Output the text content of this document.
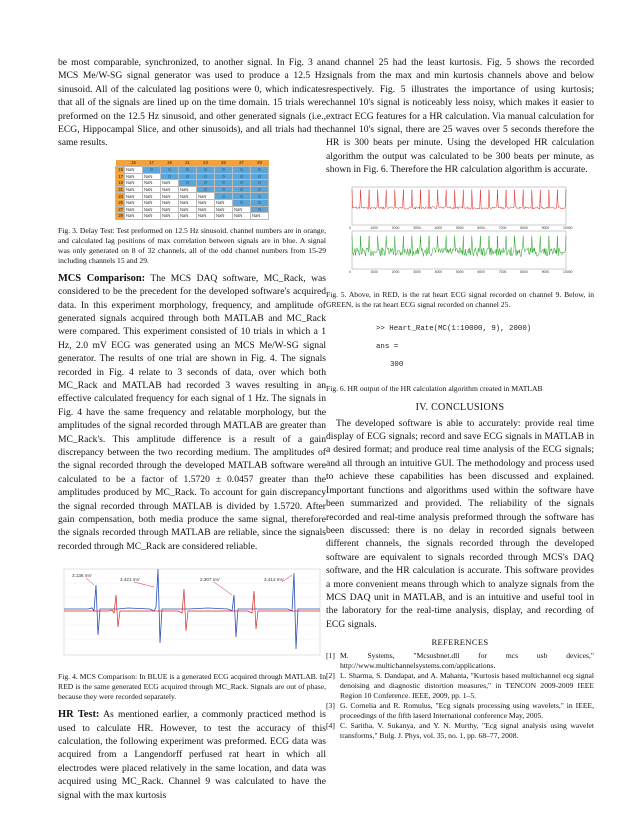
be most comparable, synchronized, to another signal. In Fig. 3 an MCS Me/W-SG signal generator was used to produce a 12.5 Hz sinusoid. All of the calculated lag positions were 0, which indicates that all of the signals are lined up on the time domain. 15 trials were preformed on the 12.5 Hz sinusoid, and other generated signals (i.e., ECG, Hippocampal Slice, and other sinusoids), and all trials had the same results.

	15	17	19	21	23	25	27	29
15	NaN	0	0	0	0	0	0	0
17	NaN	NaN	0	0	0	0	0	0
19	NaN	NaN	NaN	0	0	0	0	0
21	NaN	NaN	NaN	NaN	0	0	0	0
23	NaN	NaN	NaN	NaN	NaN	0	0	0
25	NaN	NaN	NaN	NaN	NaN	NaN	0	0
27	NaN	NaN	NaN	NaN	NaN	NaN	NaN	0
29	NaN	NaN	NaN	NaN	NaN	NaN	NaN	NaN

Fig. 3. Delay Test: Test preformed on 12.5 Hz sinusoid. channel numbers are in orange, and calculated lag positions of max correlation between signals are in blue. A signal was only generated on 8 of 32 channels, all of the odd channel numbers from 15-29 including channels 15 and 29.

MCS Comparison: The MCS DAQ software, MC_Rack, was considered to be the precedent for the developed software's acquired data. In this experiment morphology, frequency, and amplitude of generated signals acquired through both MATLAB and MC_Rack were compared. This experiment consisted of 10 trials in which a 1 Hz, 2.0 mV ECG was generated using an MCS Me/W-SG signal generator. The results of one trial are shown in Fig. 4. The signals recorded in Fig. 4 relate to 3 seconds of data, over which both MC_Rack and MATLAB had recorded 3 waves resulting in an effective calculated frequency for each signal of 1 Hz. The signals in Fig. 4 have the same frequency and relatable morphology, but the amplitudes of the signal recorded through MATLAB are greater than MC_Rack's. This amplitude difference is a result of a gain discrepancy between the two recording medium. The amplitudes of the signal recorded through the developed MATLAB software were calculated to be a factor of 1.5720 ± 0.0457 greater than the amplitudes produced by MC_Rack. To account for gain discrepancy the signal recorded through MATLAB is divided by 1.5720. After gain compensation, both media produce the same signal, therefore the signals recorded through MATLAB are reliable, since the signals recorded through MC_Rack are considered reliable.

3.136 mV
3.421 mV	2.307 mV	3.412 mV

Fig. 4. MCS Comparison: In BLUE is a generated ECG acquired through MATLAB. In RED is the same generated ECG acquired through MC_Rack. Signals are out of phase, because they were recorded separately.

HR Test: As mentioned earlier, a commonly practiced method is used to calculate HR. However, to test the accuracy of this calculation, the following experiment was preformed. ECG data was acquired from a Langendorff perfused rat heart in which all electrodes were placed relatively in the same location, and data was acquired using MC_Rack. Channel 9 was calculated to have the signal with the max kurtosis

and channel 25 had the least kurtosis. Fig. 5 shows the recorded signals from the max and min kurtosis channels above and below respectively. Fig. 5 illustrates the importance of using kurtosis; channel 10's signal is noticeably less noisy, which makes it easier to extract ECG features for a HR calculation. Via manual calculation for channel 10's signal, there are 25 waves over 5 seconds therefore the HR is 300 beats per minute. Using the developed HR calculation algorithm the output was calculated to be 300 beats per minute, as shown in Fig. 6. Therefore the HR calculation algorithm is accurate.

0	1000	2000	3000	4000	5000	6000	7000	8000	9000	10000
0	1000	2000	3000	4000	5000	6000	7000	8000	9000	10000

Fig. 5. Above, in RED, is the rat heart ECG signal recorded on channel 9. Below, in GREEN, is the rat heart ECG signal recorded on channel 25.

>> Heart_Rate(MC(1:10000, 9), 2000)
ans =
300

Fig. 6. HR output of the HR calculation algorithm created in MATLAB

IV. CONCLUSIONS

The developed software is able to accurately: provide real time display of ECG signals; record and save ECG signals in MATLAB in a desired format; and produce real time analysis of the ECG signals; and all through an intuitive GUI. The methodology and process used to achieve these capabilities has been discussed and explained. Important functions and algorithms used within the software have been summarized and provided. The reliability of the signals recorded and real-time analysis preformed through the software has been discussed: there is no delay in recorded signals between different channels, the signals recorded through the developed software are equivalent to signals recorded through MCS's DAQ software, and the HR calculation is accurate. This software provides a more convenient means through which to analyze signals from the MCS DAQ unit in MATLAB, and is an intuitive and useful tool in the laboratory for the real-time analysis, display, and recording of ECG signals.

REFERENCES
[1] M. Systems, "Mcsusbnet.dll for mcs usb devices," http://www.multichannelsystems.com/applications.
[2] L. Sharma, S. Dandapat, and A. Mahanta, "Kurtosis based multichannel ecg signal denoising and diagnostic distortion measures," in TENCON 2009-2009 IEEE Region 10 Conference. IEEE, 2009, pp. 1–5.
[3] G. Cornelia and R. Romulus, "Ecg signals processing using wavelets," in IEEE, proceedings of the fifth laserd International conference May, 2005.
[4] C. Saritha, V. Sukanya, and Y. N. Murthy, "Ecg signal analysis using wavelet transforms," Bulg. J. Phys, vol. 35, no. 1, pp. 68–77, 2008.
